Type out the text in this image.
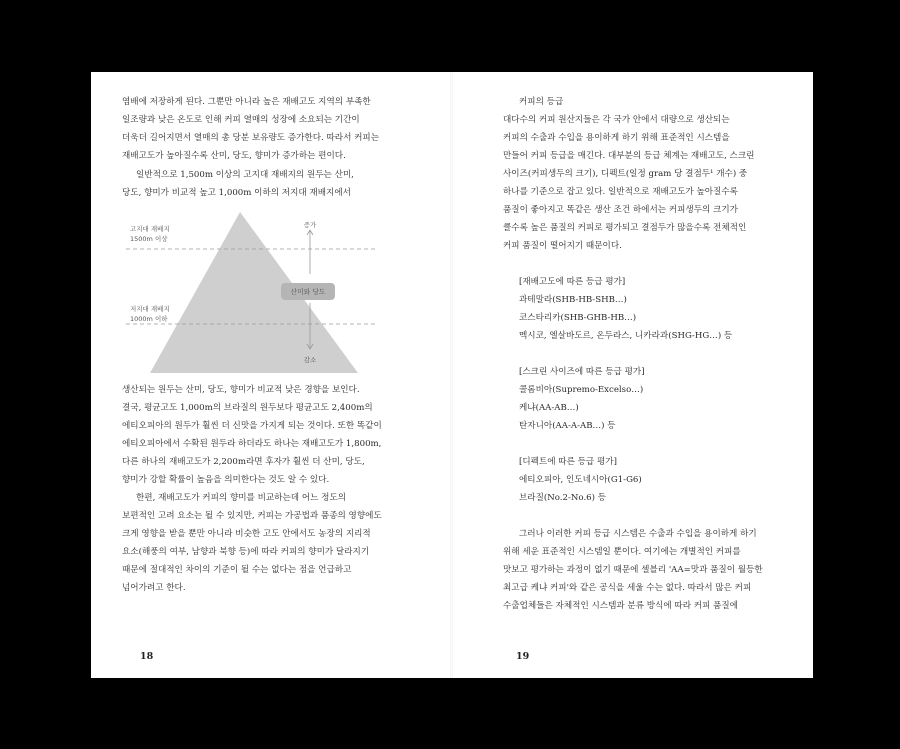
염배에 저장하게 된다. 그뿐만 아니라 높은 재배고도 지역의 부족한
일조량과 낮은 온도로 인해 커피 열매의 성장에 소요되는 기간이
더욱더 길어지면서 열매의 총 당분 보유량도 증가한다. 따라서 커피는
재배고도가 높아질수록 산미, 당도, 향미가 증가하는 편이다.
일반적으로 1,500m 이상의 고지대 재배지의 원두는 산미,
당도, 향미가 비교적 높고 1,000m 이하의 저지대 재배지에서
고지대 재배지
1500m 이상
저지대 재배지
1000m 이하
증가
감소
산미와 당도
생산되는 원두는 산미, 당도, 향미가 비교적 낮은 경향을 보인다.
결국, 평균고도 1,000m의 브라질의 원두보다 평균고도 2,400m의
에티오피아의 원두가 훨씬 더 신맛을 가지게 되는 것이다. 또한 똑같이
에티오피아에서 수확된 원두라 하더라도 하나는 재배고도가 1,800m,
다른 하나의 재배고도가 2,200m라면 후자가 훨씬 더 산미, 당도,
향미가 강할 확률이 높음을 의미한다는 것도 알 수 있다.
한편, 재배고도가 커피의 향미를 비교하는데 어느 정도의
보편적인 고려 요소는 될 수 있지만, 커피는 가공법과 품종의 영향에도
크게 영향을 받을 뿐만 아니라 비슷한 고도 안에서도 농장의 지리적
요소(해풍의 여부, 남향과 북향 등)에 따라 커피의 향미가 달라지기
때문에 절대적인 차이의 기준이 될 수는 없다는 점을 언급하고
넘어가려고 한다.
18
커피의 등급
대다수의 커피 원산지들은 각 국가 안에서 대량으로 생산되는
커피의 수출과 수입을 용이하게 하기 위해 표준적인 시스템을
만들어 커피 등급을 매긴다. 대부분의 등급 체계는 재배고도, 스크린
사이즈(커피생두의 크기), 디펙트(일정 gram 당 결점두¹ 개수) 중
하나를 기준으로 잡고 있다. 일반적으로 재배고도가 높아질수록
품질이 좋아지고 똑같은 생산 조건 하에서는 커피생두의 크기가
클수록 높은 품질의 커피로 평가되고 결점두가 많을수록 전체적인
커피 품질이 떨어지기 때문이다.
[재배고도에 따른 등급 평가]
과테말라(SHB-HB-SHB…)
코스타리카(SHB-GHB-HB…)
멕시코, 엘살바도르, 온두라스, 니카라과(SHG-HG…) 등
[스크린 사이즈에 따른 등급 평가]
콜롬비아(Supremo-Excelso…)
케냐(AA-AB…)
탄자니아(AA-A-AB…) 등
[디펙트에 따른 등급 평가]
에티오피아, 인도네시아(G1-G6)
브라질(No.2-No.6) 등
그러나 이러한 커피 등급 시스템은 수출과 수입을 용이하게 하기
위해 세운 표준적인 시스템일 뿐이다. 여기에는 개별적인 커피를
맛보고 평가하는 과정이 없기 때문에 셀블리 'AA=맛과 품질이 월등한
최고급 케냐 커피'와 같은 공식을 세울 수는 없다. 따라서 많은 커피
수출업체들은 자체적인 시스템과 분류 방식에 따라 커피 품질에
19
